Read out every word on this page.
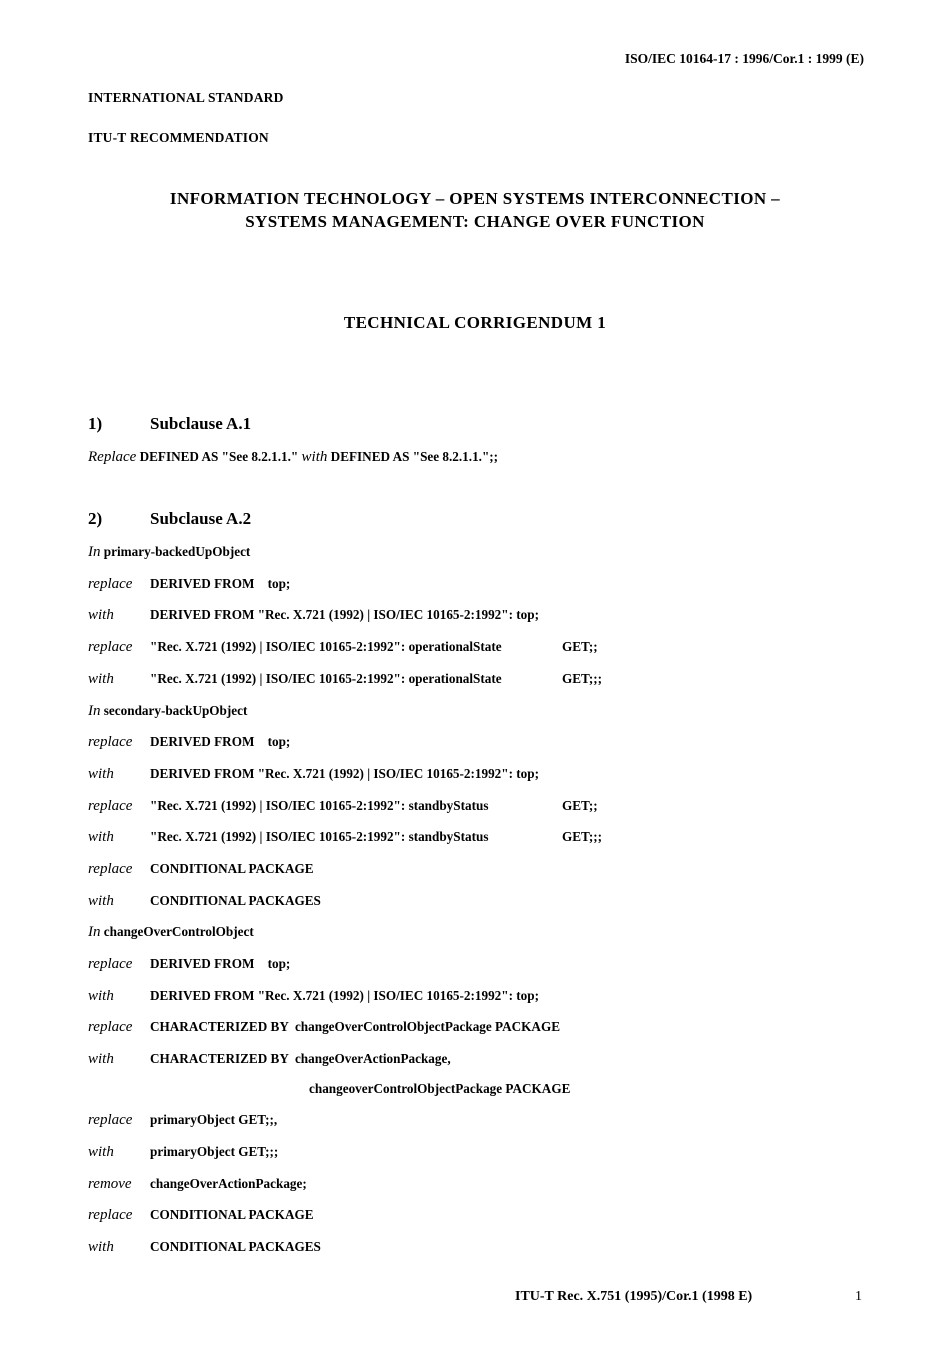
ISO/IEC 10164-17 : 1996/Cor.1 : 1999 (E)
INTERNATIONAL STANDARD
ITU-T RECOMMENDATION
INFORMATION TECHNOLOGY – OPEN SYSTEMS INTERCONNECTION –
SYSTEMS MANAGEMENT: CHANGE OVER FUNCTION
TECHNICAL CORRIGENDUM 1
1)	Subclause A.1
Replace DEFINED AS "See 8.2.1.1." with DEFINED AS "See 8.2.1.1.";;
2)	Subclause A.2
In primary-backedUpObject
replace DERIVED FROM    top;
with	DERIVED FROM "Rec. X.721 (1992) | ISO/IEC 10165-2:1992": top;
replace "Rec. X.721 (1992) | ISO/IEC 10165-2:1992": operationalState	GET;;
with	"Rec. X.721 (1992) | ISO/IEC 10165-2:1992": operationalState	GET;;;
In secondary-backUpObject
replace DERIVED FROM    top;
with	DERIVED FROM "Rec. X.721 (1992) | ISO/IEC 10165-2:1992": top;
replace "Rec. X.721 (1992) | ISO/IEC 10165-2:1992": standbyStatus	GET;;
with	"Rec. X.721 (1992) | ISO/IEC 10165-2:1992": standbyStatus	GET;;;
replace CONDITIONAL PACKAGE
with	CONDITIONAL PACKAGES
In changeOverControlObject
replace DERIVED FROM    top;
with	DERIVED FROM "Rec. X.721 (1992) | ISO/IEC 10165-2:1992": top;
replace CHARACTERIZED BY  changeOverControlObjectPackage PACKAGE
with	CHARACTERIZED BY  changeOverActionPackage,
changeoverControlObjectPackage PACKAGE
replace primaryObject GET;;,
with	primaryObject GET;;;
remove changeOverActionPackage;
replace CONDITIONAL PACKAGE
with	CONDITIONAL PACKAGES
ITU-T Rec. X.751 (1995)/Cor.1 (1998 E)	1
